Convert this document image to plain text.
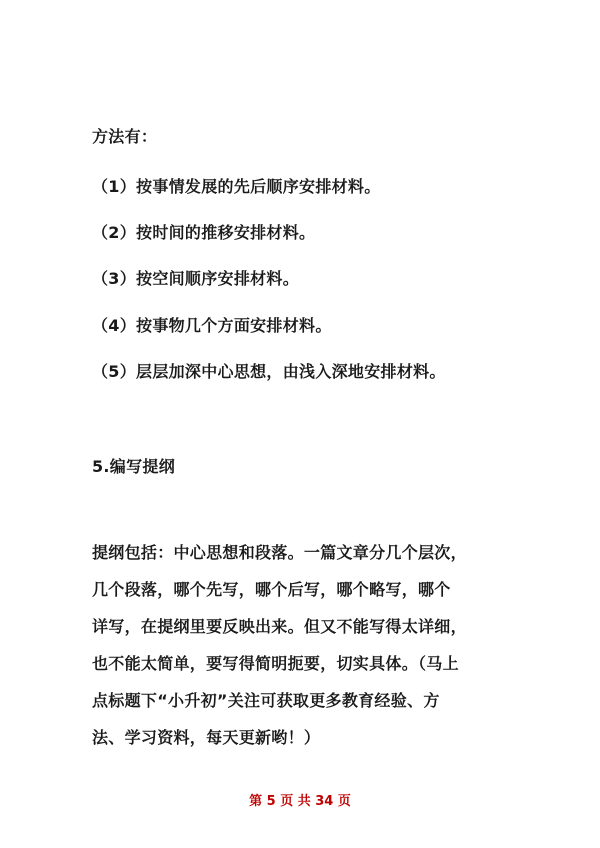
方法有：
（1）按事情发展的先后顺序安排材料。
（2）按时间的推移安排材料。
（3）按空间顺序安排材料。
（4）按事物几个方面安排材料。
（5）层层加深中心思想，由浅入深地安排材料。
5.编写提纲
提纲包括：中心思想和段落。一篇文章分几个层次，
几个段落，哪个先写，哪个后写，哪个略写，哪个
详写，在提纲里要反映出来。但又不能写得太详细，
也不能太简单，要写得简明扼要，切实具体。（马上
点标题下“小升初”关注可获取更多教育经验、方
法、学习资料，每天更新哟！）
第 5 页 共 34 页
